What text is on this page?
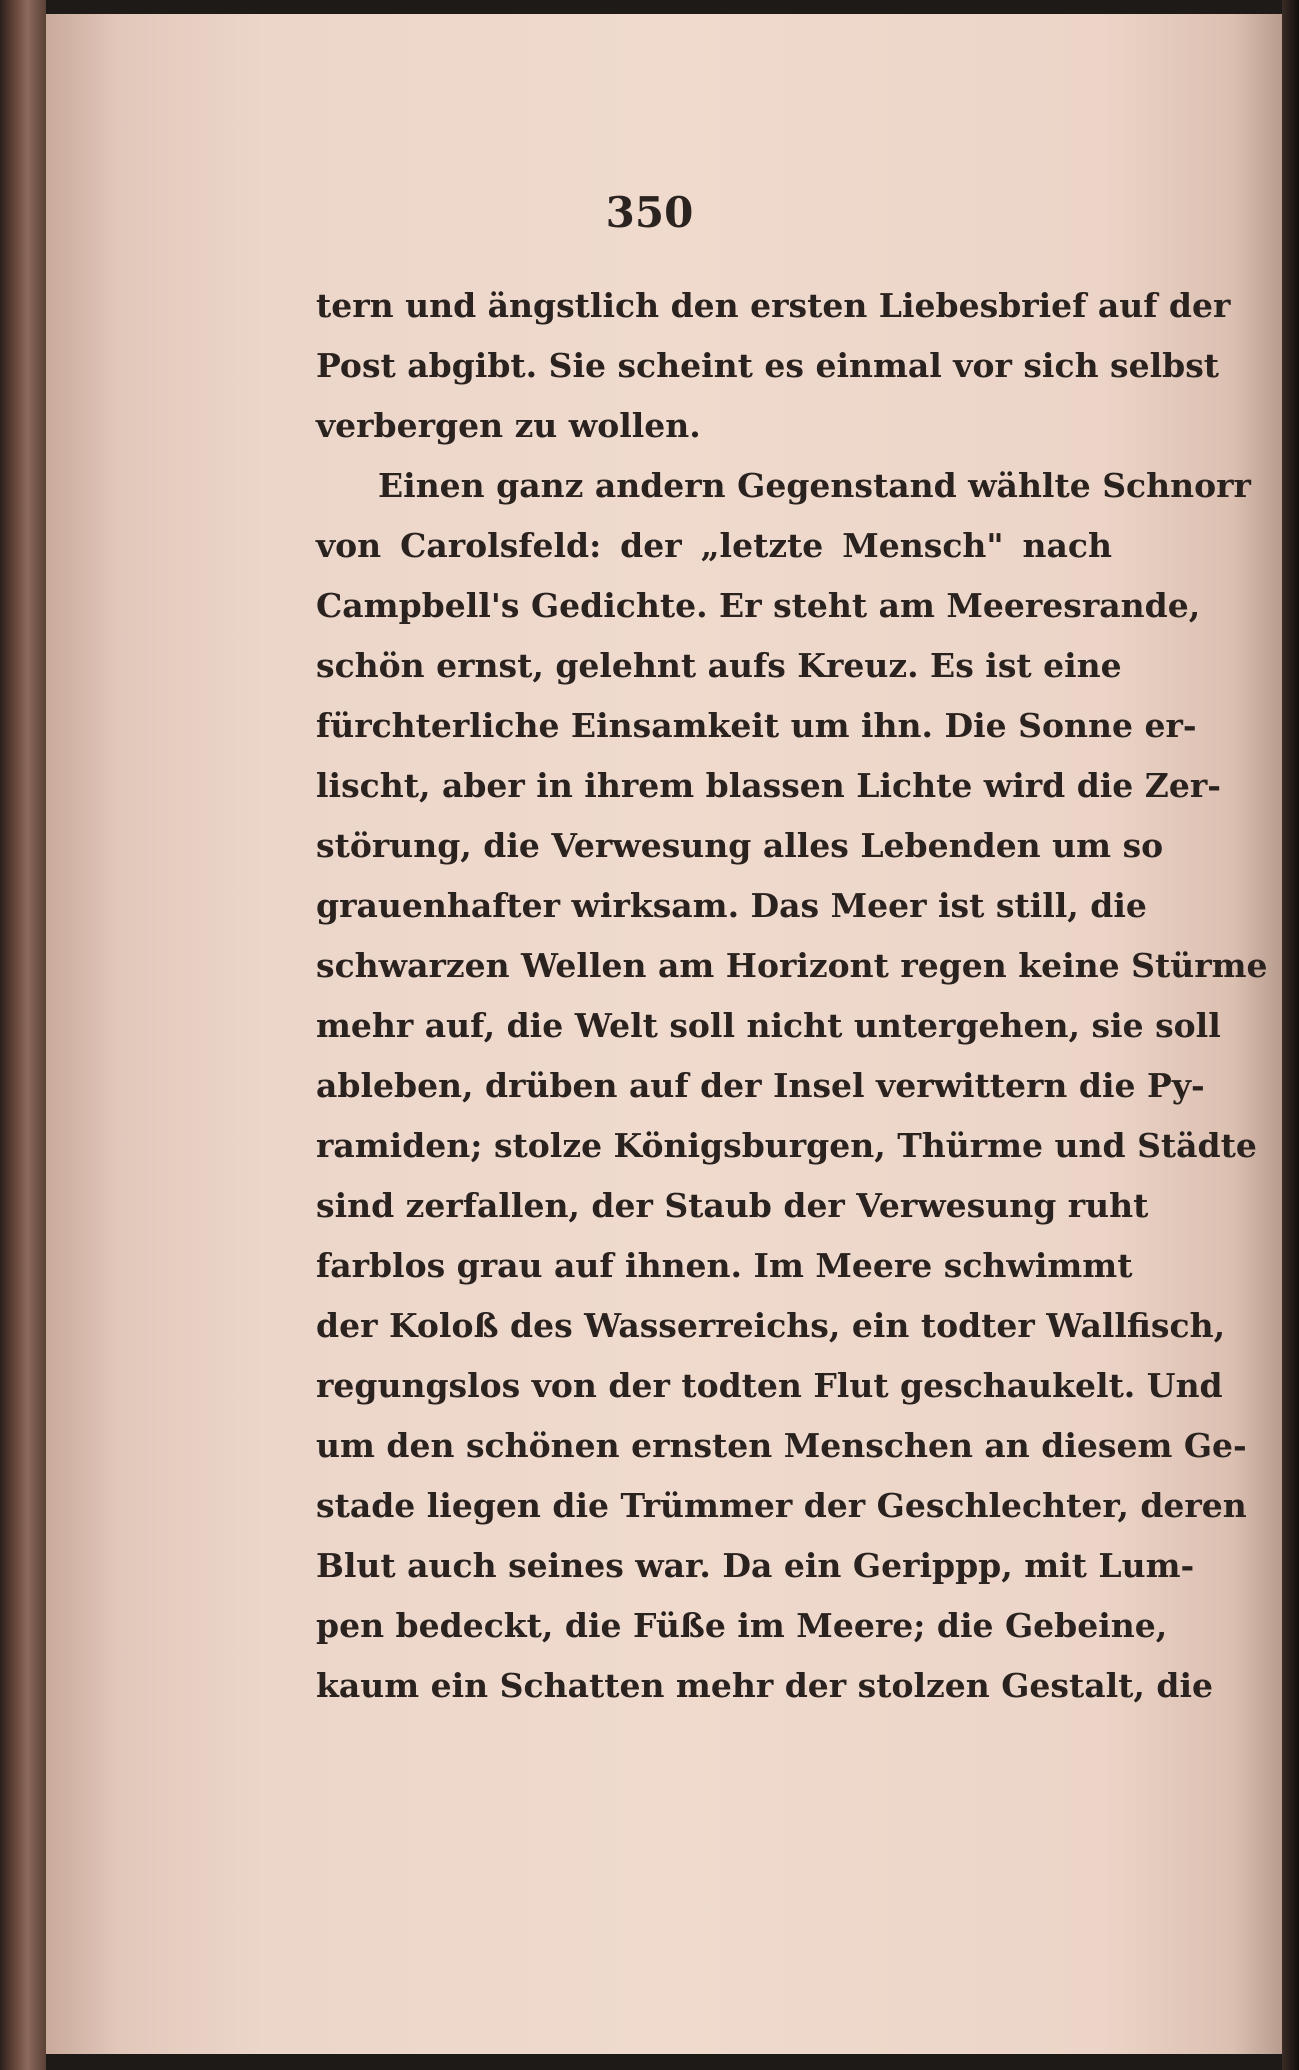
350
tern und ängstlich den ersten Liebesbrief auf der
Post abgibt. Sie scheint es einmal vor sich selbst
verbergen zu wollen.
Einen ganz andern Gegenstand wählte Schnorr
von Carolsfeld: der „letzte Mensch" nach
Campbell's Gedichte. Er steht am Meeresrande,
schön ernst, gelehnt aufs Kreuz. Es ist eine
fürchterliche Einsamkeit um ihn. Die Sonne er-
lischt, aber in ihrem blassen Lichte wird die Zer-
störung, die Verwesung alles Lebenden um so
grauenhafter wirksam. Das Meer ist still, die
schwarzen Wellen am Horizont regen keine Stürme
mehr auf, die Welt soll nicht untergehen, sie soll
ableben, drüben auf der Insel verwittern die Py-
ramiden; stolze Königsburgen, Thürme und Städte
sind zerfallen, der Staub der Verwesung ruht
farblos grau auf ihnen. Im Meere schwimmt
der Koloß des Wasserreichs, ein todter Wallfisch,
regungslos von der todten Flut geschaukelt. Und
um den schönen ernsten Menschen an diesem Ge-
stade liegen die Trümmer der Geschlechter, deren
Blut auch seines war. Da ein Gerippp, mit Lum-
pen bedeckt, die Füße im Meere; die Gebeine,
kaum ein Schatten mehr der stolzen Gestalt, die
